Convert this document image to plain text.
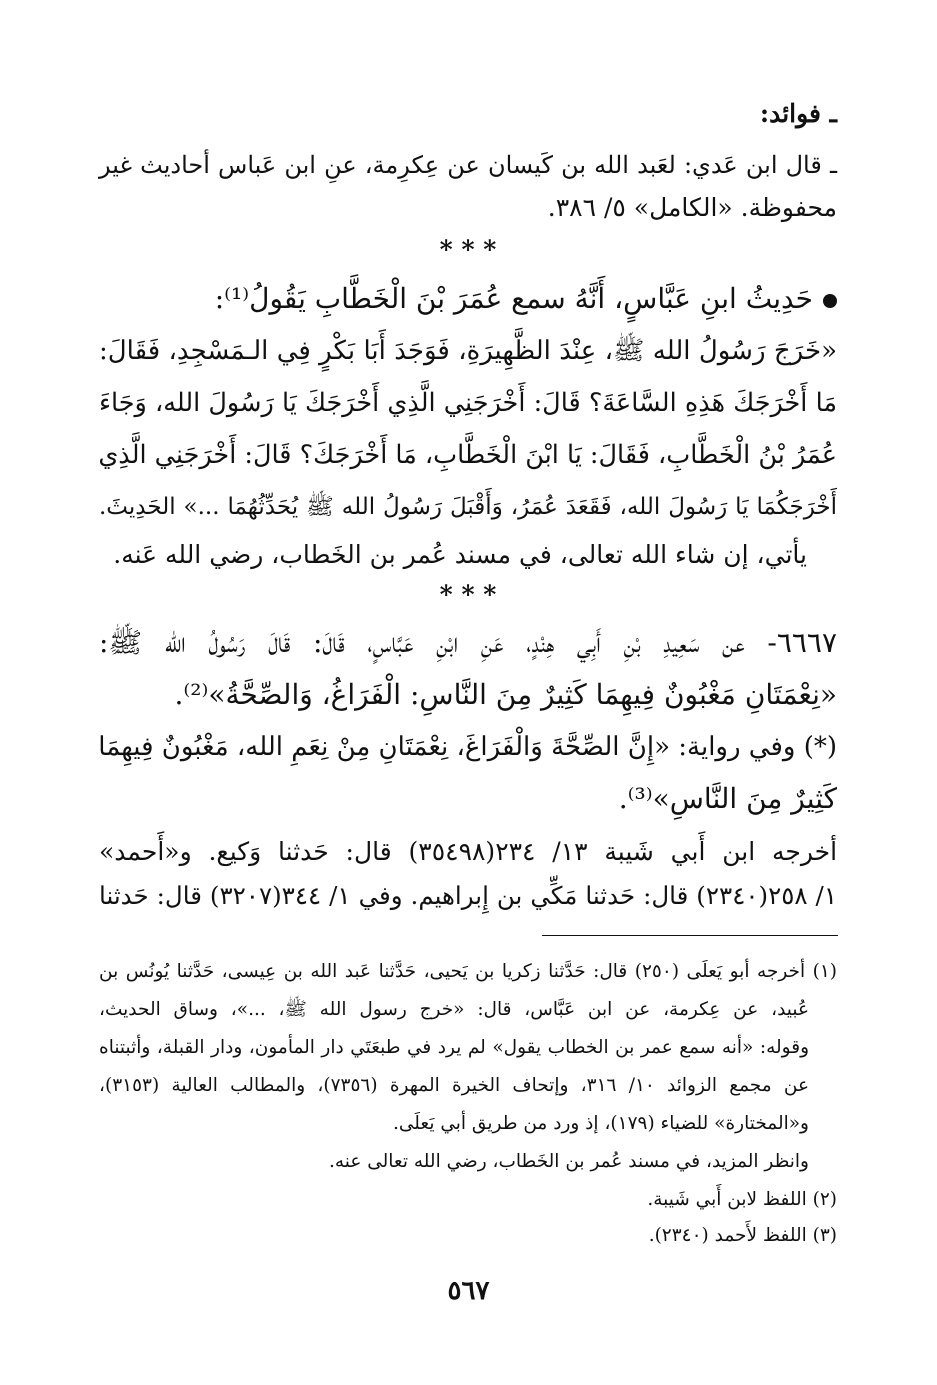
ـ فوائد:
ـ قال ابن عَدي: لعَبد الله بن كَيسان عن عِكرِمة، عنِ ابن عَباس أحاديث غير
محفوظة. «الكامل» ٥/ ٣٨٦.
* * *
حَدِيثُ ابنِ عَبَّاسٍ، أَنَّهُ سمع عُمَرَ بْنَ الْخَطَّابِ يَقُولُ⁽¹⁾:
«خَرَجَ رَسُولُ الله ﷺ، عِنْدَ الظَّهِيرَةِ، فَوَجَدَ أَبَا بَكْرٍ فِي الـمَسْجِدِ، فَقَالَ:
مَا أَخْرَجَكَ هَذِهِ السَّاعَةَ؟ قَالَ: أَخْرَجَنِي الَّذِي أَخْرَجَكَ يَا رَسُولَ الله، وَجَاءَ
عُمَرُ بْنُ الْخَطَّابِ، فَقَالَ: يَا ابْنَ الْخَطَّابِ، مَا أَخْرَجَكَ؟ قَالَ: أَخْرَجَنِي الَّذِي
أَخْرَجَكُمَا يَا رَسُولَ الله، فَقَعَدَ عُمَرُ، وَأَقْبَلَ رَسُولُ الله ﷺ يُحَدِّثُهُمَا ...» الحَدِيثَ.
يأتي، إن شاء الله تعالى، في مسند عُمر بن الخَطاب، رضي الله عَنه.
* * *
٦٦٦٧- عن سَعِيدِ بْنِ أَبِي هِنْدٍ، عَنِ ابْنِ عَبَّاسٍ، قَالَ: قَالَ رَسُولُ الله ﷺ:
«نِعْمَتَانِ مَغْبُونٌ فِيهِمَا كَثِيرٌ مِنَ النَّاسِ: الْفَرَاغُ، وَالصِّحَّةُ»⁽²⁾.
(*) وفي رواية: «إِنَّ الصِّحَّةَ وَالْفَرَاغَ، نِعْمَتَانِ مِنْ نِعَمِ الله، مَغْبُونٌ فِيهِمَا
كَثِيرٌ مِنَ النَّاسِ»⁽³⁾.
أخرجه ابن أَبي شَيبة ١٣/ ٢٣٤(٣٥٤٩٨) قال: حَدثنا وَكيع. و«أَحمد»
١/ ٢٥٨(٢٣٤٠) قال: حَدثنا مَكِّي بن إِبراهيم. وفي ١/ ٣٤٤(٣٢٠٧) قال: حَدثنا
(١) أخرجه أبو يَعلَى (٢٥٠) قال: حَدَّثنا زكريا بن يَحيى، حَدَّثنا عَبد الله بن عِيسى، حَدَّثنا يُونُس بن
عُبيد، عن عِكرمة، عن ابن عَبَّاس، قال: «خرج رسول الله ﷺ، ...»، وساق الحديث،
وقوله: «أنه سمع عمر بن الخطاب يقول» لم يرد في طبعَتَي دار المأمون، ودار القبلة، وأثبتناه
عن مجمع الزوائد ١٠/ ٣١٦، وإتحاف الخيرة المهرة (٧٣٥٦)، والمطالب العالية (٣١٥٣)،
و«المختارة» للضياء (١٧٩)، إذ ورد من طريق أبي يَعلَى.
وانظر المزيد، في مسند عُمر بن الخَطاب، رضي الله تعالى عنه.
(٢) اللفظ لابن أَبي شَيبة.
(٣) اللفظ لأَحمد (٢٣٤٠).
٥٦٧
